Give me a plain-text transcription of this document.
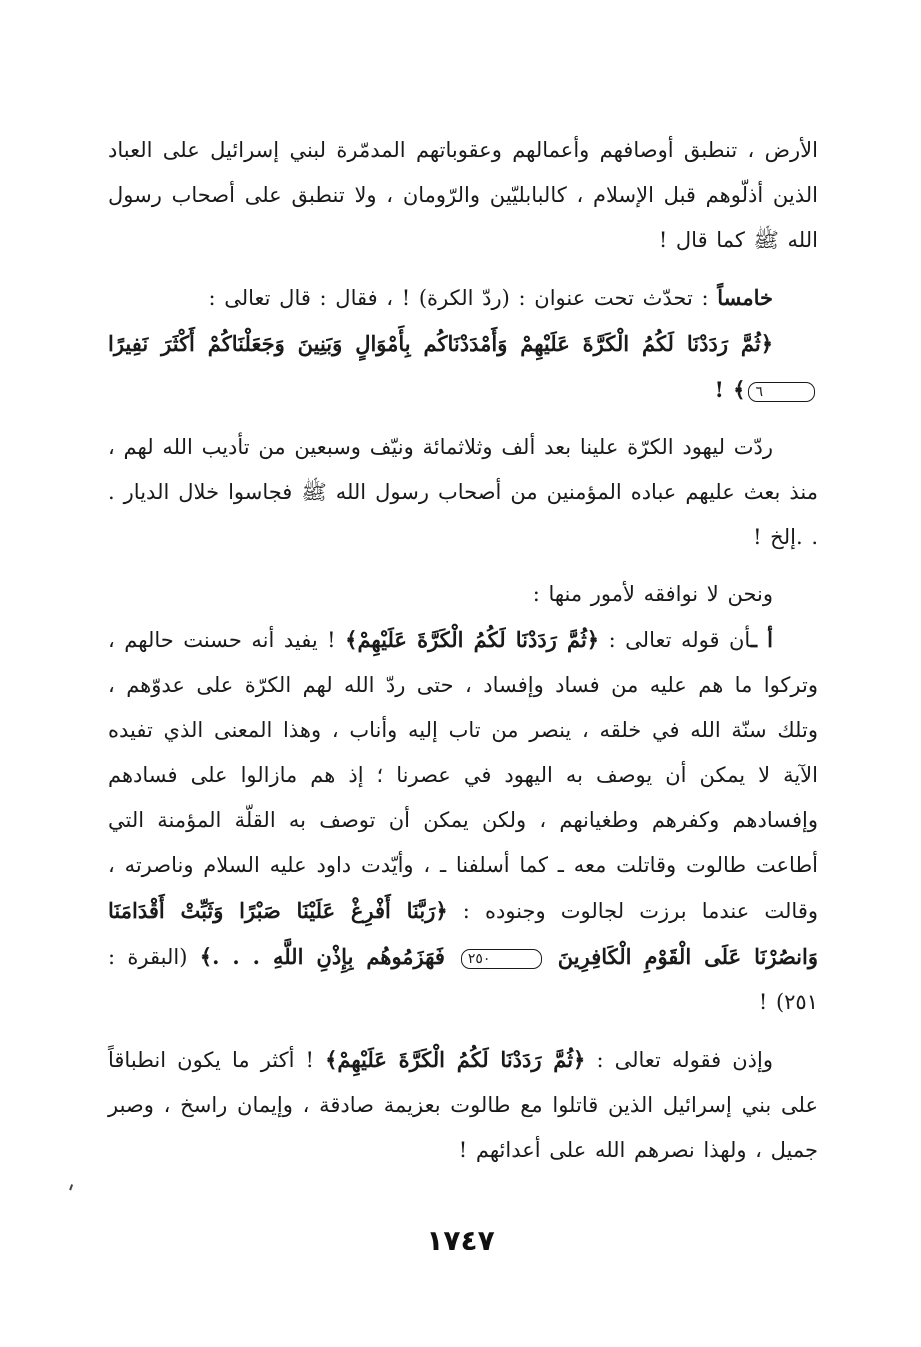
الأرض ، تنطبق أوصافهم وأعمالهم وعقوباتهم المدمّرة لبني إسرائيل على العباد الذين أذلّوهم قبل الإسلام ، كالبابليّين والرّومان ، ولا تنطبق على أصحاب رسول الله ﷺ كما قال !

خامساً : تحدّث تحت عنوان : (ردّ الكرة) ! ، فقال : قال تعالى :

﴿ثُمَّ رَدَدْنَا لَكُمُ الْكَرَّةَ عَلَيْهِمْ وَأَمْدَدْنَاكُم بِأَمْوَالٍ وَبَنِينَ وَجَعَلْنَاكُمْ أَكْثَرَ نَفِيرًا ٦﴾ !

ردّت ليهود الكرّة علينا بعد ألف وثلاثمائة ونيّف وسبعين من تأديب الله لهم ، منذ بعث عليهم عباده المؤمنين من أصحاب رسول الله ﷺ فجاسوا خلال الديار . . .إلخ !

ونحن لا نوافقه لأمور منها :

أ ـأن قوله تعالى : ﴿ثُمَّ رَدَدْنَا لَكُمُ الْكَرَّةَ عَلَيْهِمْ﴾ ! يفيد أنه حسنت حالهم ، وتركوا ما هم عليه من فساد وإفساد ، حتى ردّ الله لهم الكرّة على عدوّهم ، وتلك سنّة الله في خلقه ، ينصر من تاب إليه وأناب ، وهذا المعنى الذي تفيده الآية لا يمكن أن يوصف به اليهود في عصرنا ؛ إذ هم مازالوا على فسادهم وإفسادهم وكفرهم وطغيانهم ، ولكن يمكن أن توصف به القلّة المؤمنة التي أطاعت طالوت وقاتلت معه ـ كما أسلفنا ـ ، وأيّدت داود عليه السلام وناصرته ، وقالت عندما برزت لجالوت وجنوده : ﴿رَبَّنَا أَفْرِغْ عَلَيْنَا صَبْرًا وَثَبِّتْ أَقْدَامَنَا وَانصُرْنَا عَلَى الْقَوْمِ الْكَافِرِينَ ٢٥٠ فَهَزَمُوهُم بِإِذْنِ اللَّهِ . . .﴾ (البقرة : ٢٥١) !

وإذن فقوله تعالى : ﴿ثُمَّ رَدَدْنَا لَكُمُ الْكَرَّةَ عَلَيْهِمْ﴾ ! أكثر ما يكون انطباقاً على بني إسرائيل الذين قاتلوا مع طالوت بعزيمة صادقة ، وإيمان راسخ ، وصبر جميل ، ولهذا نصرهم الله على أعدائهم !

١٧٤٧
